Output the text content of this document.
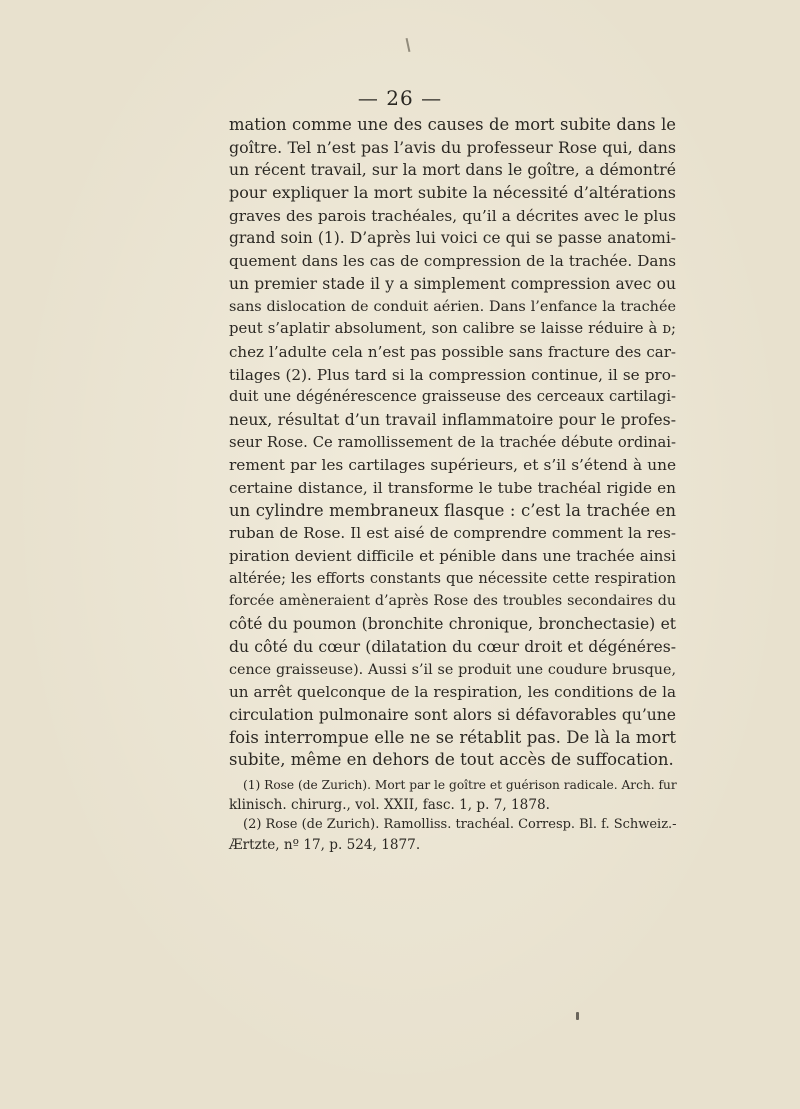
— 26 —
mation comme une des causes de mort subite dans le
goître. Tel n’est pas l’avis du professeur Rose qui, dans
un récent travail, sur la mort dans le goître, a démontré
pour expliquer la mort subite la nécessité d’altérations
graves des parois trachéales, qu’il a décrites avec le plus
grand soin (1). D’après lui voici ce qui se passe anatomi-
quement dans les cas de compression de la trachée. Dans
un premier stade il y a simplement compression avec ou
sans dislocation de conduit aérien. Dans l’enfance la trachée
peut s’aplatir absolument, son calibre se laisse réduire à ᴅ;
chez l’adulte cela n’est pas possible sans fracture des car-
tilages (2). Plus tard si la compression continue, il se pro-
duit une dégénérescence graisseuse des cerceaux cartilagi-
neux, résultat d’un travail inflammatoire pour le profes-
seur Rose. Ce ramollissement de la trachée débute ordinai-
rement par les cartilages supérieurs, et s’il s’étend à une
certaine distance, il transforme le tube trachéal rigide en
un cylindre membraneux flasque : c’est la trachée en
ruban de Rose. Il est aisé de comprendre comment la res-
piration devient difficile et pénible dans une trachée ainsi
altérée; les efforts constants que nécessite cette respiration
forcée amèneraient d’après Rose des troubles secondaires du
côté du poumon (bronchite chronique, bronchectasie) et
du côté du cœur (dilatation du cœur droit et dégénéres-
cence graisseuse). Aussi s’il se produit une coudure brusque,
un arrêt quelconque de la respiration, les conditions de la
circulation pulmonaire sont alors si défavorables qu’une
fois interrompue elle ne se rétablit pas. De là la mort
subite, même en dehors de tout accès de suffocation.
(1) Rose (de Zurich). Mort par le goître et guérison radicale. Arch. fur
klinisch. chirurg., vol. XXII, fasc. 1, p. 7, 1878.
(2) Rose (de Zurich). Ramolliss. trachéal. Corresp. Bl. f. Schweiz.-
Ærtzte, nº 17, p. 524, 1877.
